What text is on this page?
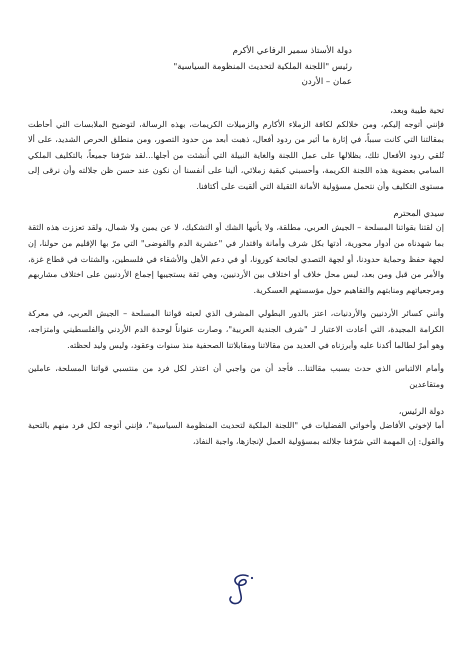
دولة الأستاذ سمير الرفاعي الأكرم
رئيس "اللجنة الملكية لتحديث المنظومة السياسية"
عمان – الأردن

تحية طيبة وبعد،

فإنني أتوجه إليكم، ومن خلالكم لكافة الزملاء الأكارم والزميلات الكريمات، بهذه الرسالة، لتوضيح الملابسات التي أحاطت بمقالتنا التي كانت سبباً، في إثارة ما أثير من ردود أفعال، ذهبت أبعد من حدود التصور، ومن منطلق الحرص الشديد، على ألا تُلقي ردود الأفعال تلك، بظلالها على عمل اللجنة والغاية النبيلة التي أُنشئت من أجلها...لقد شرّفنا جميعاً، بالتكليف الملكي السامي بعضوية هذه اللجنة الكريمة، وأحسبني كبقية زملائي، ألينا على أنفسنا أن نكون عند حسن ظن جلالته وأن نرقى إلى مستوى التكليف وأن نتحمل مسؤولية الأمانة الثقيلة التي ألقيت على أكتافنا.

سيدي المحترم

إن لقتنا بقواتنا المسلحة – الجيش العربي، مطلقة، ولا يأتيها الشك أو التشكيك، لا عن يمين ولا شمال، ولقد تعززت هذه الثقة بما شهدناه من أدوار محورية، أدتها بكل شرف وأمانة واقتدار في "عشرية الدم والفوضى" التي مرّ بها الإقليم من حولنا، إن لجهة حفظ وحماية حدودنا، أو لجهة التصدي لجائحة كورونا، أو في دعم الأهل والأشقاء في فلسطين، والشتات في قطاع غزة، والأمر من قبل ومن بعد، ليس محل خلاف أو اختلاف بين الأردنيين، وهي ثقة يستجيبها إجماع الأردنيين على اختلاف مشاربهم ومرجعياتهم ومنابتهم والتفاهيم حول مؤسستهم العسكرية.

وأنني كسائر الأردنيين والأردنيات، اعتز بالدور البطولي المشرف الذي لعبته قواتنا المسلحة – الجيش العربي، في معركة الكرامة المجيدة، التي أعادت الاعتبار لـ "شرف الجندية العربية"، وصارت عنواناً لوحدة الدم الأردني والفلسطيني وامتزاجه، وهو أمرٌ لطالما أكدنا عليه وأبرزناه في العديد من مقالاتنا ومقابلاتنا الصحفية منذ سنوات وعقود، وليس وليد لحظته.

وأمام الالتباس الذي حدث بسبب مقالتنا... فأجد أن من واجبي أن اعتذر لكل فرد من منتسبي قواتنا المسلحة، عاملين ومتقاعدين

دولة الرئيس،

أما لإخوتي الأفاضل وأخواتي الفضليات في "اللجنة الملكية لتحديث المنظومة السياسية"، فإنني أتوجه لكل فرد منهم بالتحية والقول: إن المهمة التي شرّفنا جلالته بمسؤولية العمل لإنجازها، واجبة النفاذ،
